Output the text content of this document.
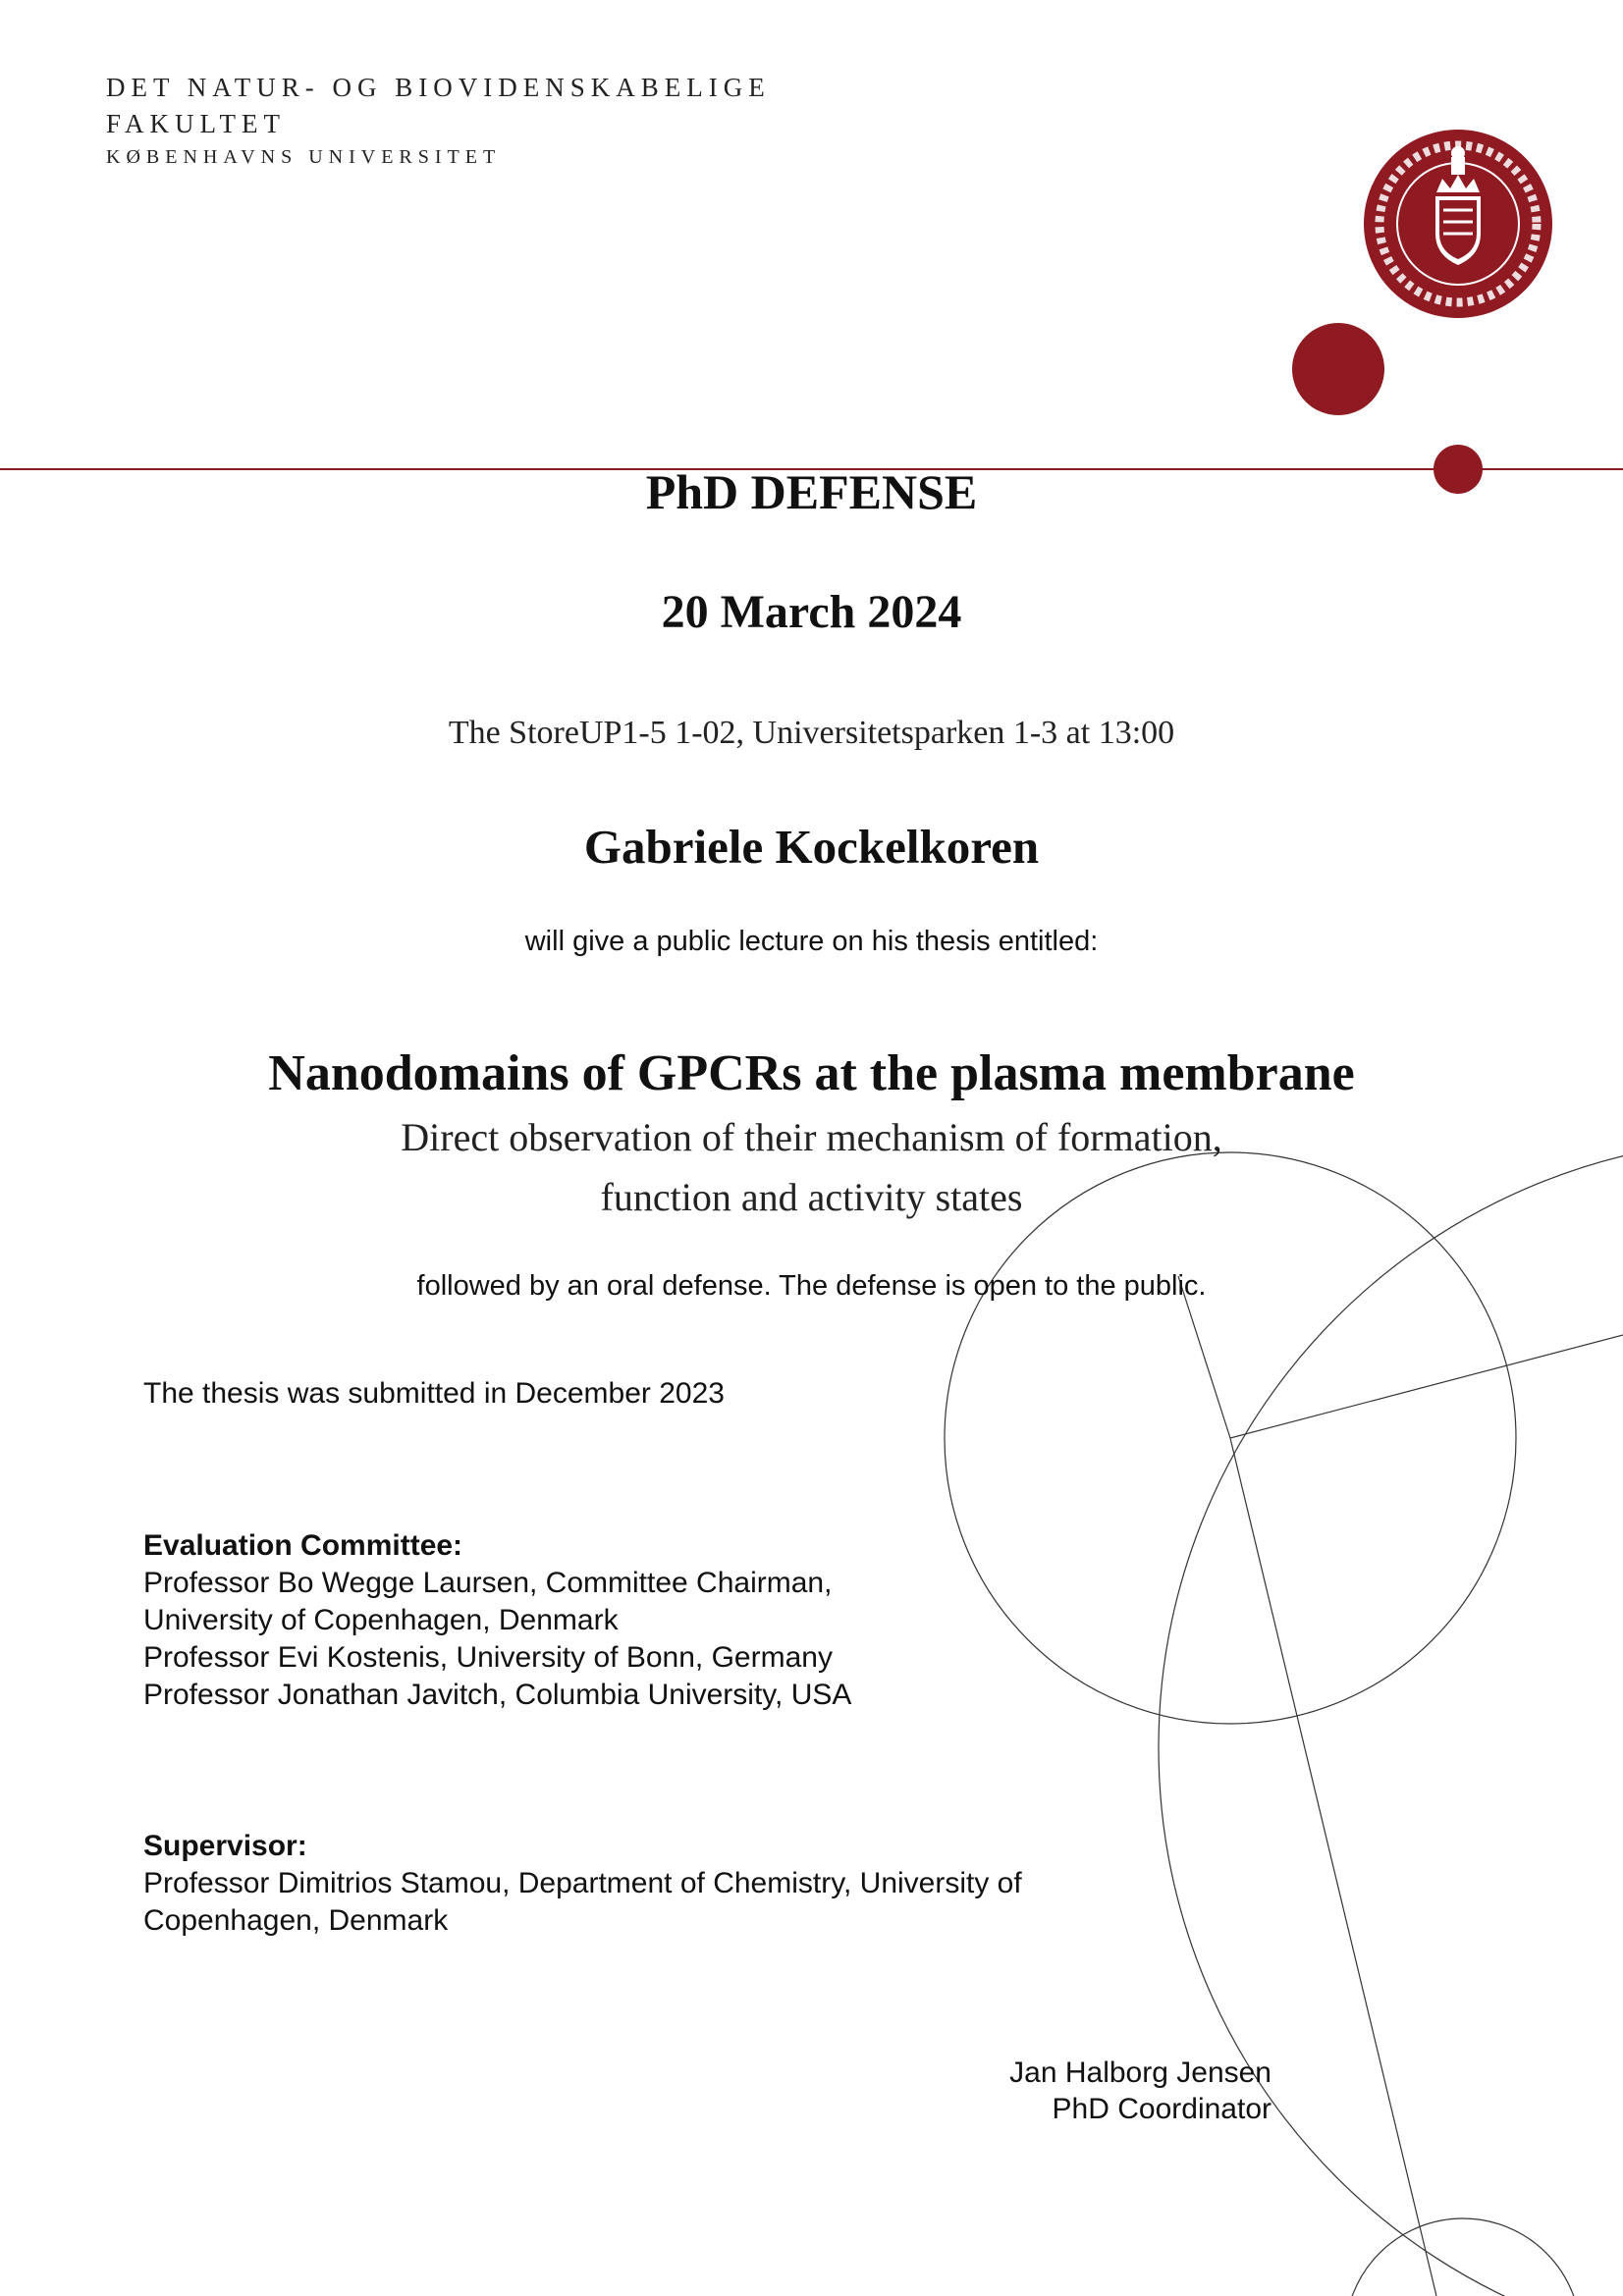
DET NATUR- OG BIOVIDENSKABELIGE
FAKULTET
KØBENHAVNS UNIVERSITET
PhD DEFENSE
20 March 2024
The StoreUP1-5 1-02, Universitetsparken 1-3 at 13:00
Gabriele Kockelkoren
will give a public lecture on his thesis entitled:
Nanodomains of GPCRs at the plasma membrane
Direct observation of their mechanism of formation,
function and activity states
followed by an oral defense. The defense is open to the public.
The thesis was submitted in December 2023
Evaluation Committee:
Professor Bo Wegge Laursen, Committee Chairman,
University of Copenhagen, Denmark
Professor Evi Kostenis, University of Bonn, Germany
Professor Jonathan Javitch, Columbia University, USA
Supervisor:
Professor Dimitrios Stamou, Department of Chemistry, University of
Copenhagen, Denmark
Jan Halborg Jensen
PhD Coordinator
